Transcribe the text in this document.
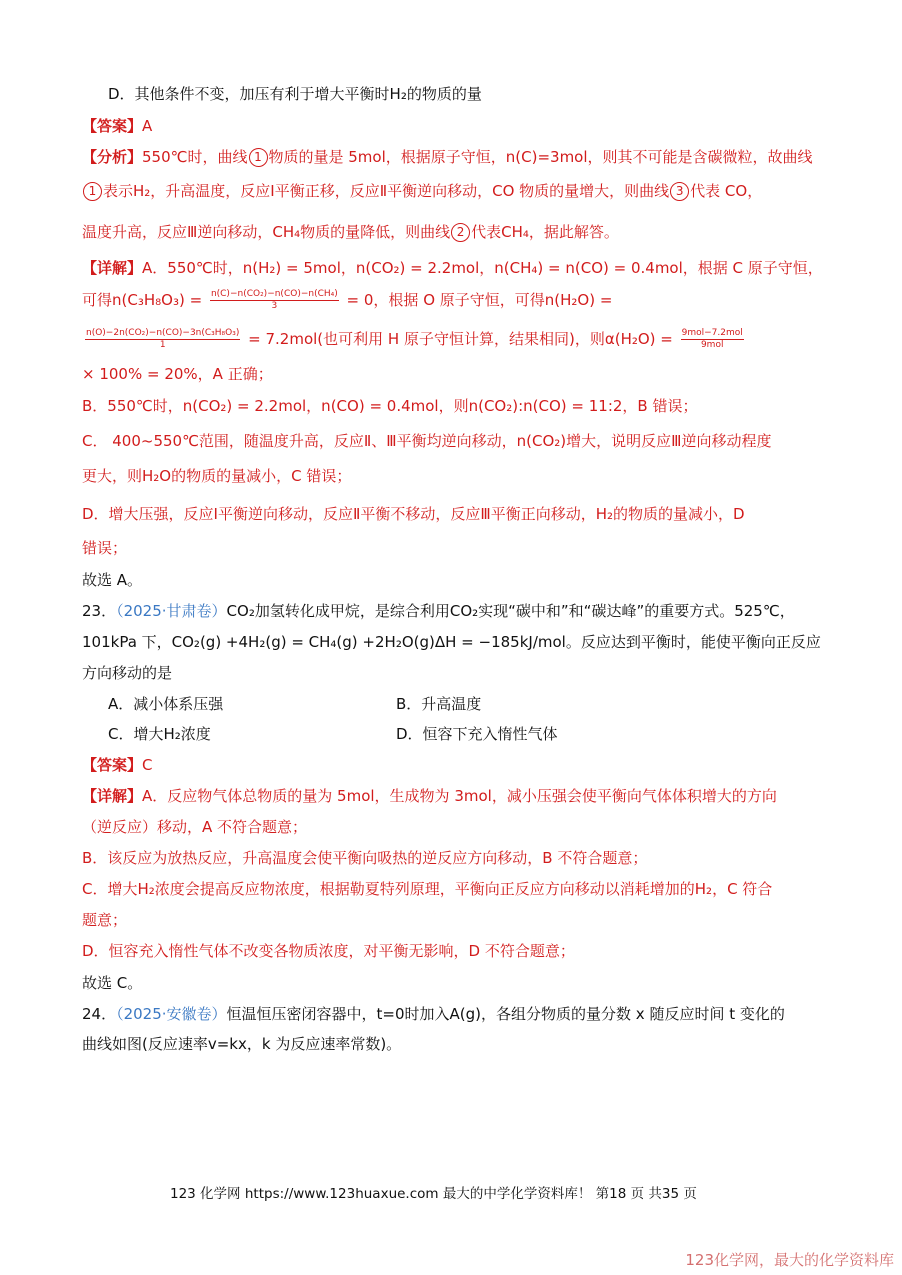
D．其他条件不变，加压有利于增大平衡时H₂的物质的量
【答案】A
【分析】550℃时，曲线 1 物质的量是 5mol，根据原子守恒，n(C)=3mol，则其不可能是含碳微粒，故曲线
1 表示H₂，升高温度，反应Ⅰ平衡正移，反应Ⅱ平衡逆向移动，CO 物质的量增大，则曲线 3 代表 CO，
温度升高，反应Ⅲ逆向移动，CH₄物质的量降低，则曲线 2 代表CH₄，据此解答。
【详解】A．550℃时，n(H₂) = 5mol，n(CO₂) = 2.2mol，n(CH₄) = n(CO) = 0.4mol，根据 C 原子守恒，
可得$n(C_3H_8O_3) = \frac{\text{n(C)−n(CO₂)−n(CO)−n(CH₄)}}{3} = 0$，根据 O 原子守恒，可得n(H₂O) =
$\frac{\text{n(O)−2n(CO₂)−n(CO)−3n(C₃H₈O₃)}}{1} = 7.2mol$(也可利用 H 原子守恒计算，结果相同)，则$\alpha(H_2O) = \frac{\text{9mol−7.2mol}}{\text{9mol}}$
× 100% = 20%，A 正确；
B．550℃时，n(CO₂) = 2.2mol，n(CO) = 0.4mol，则n(CO₂):n(CO) = 11:2，B 错误；
C． 400~550℃范围，随温度升高，反应Ⅱ、Ⅲ平衡均逆向移动，n(CO₂)增大，说明反应Ⅲ逆向移动程度
更大，则H₂O的物质的量减小，C 错误；
D．增大压强，反应Ⅰ平衡逆向移动，反应Ⅱ平衡不移动，反应Ⅲ平衡正向移动，H₂的物质的量减小，D
错误；
故选 A。
23．（2025·甘肃卷）CO₂加氢转化成甲烷，是综合利用CO₂实现“碳中和”和“碳达峰”的重要方式。525℃，
101kPa 下，CO₂(g) +4H₂(g) = CH₄(g) +2H₂O(g)ΔH = −185kJ/mol。反应达到平衡时，能使平衡向正反应
方向移动的是
A．减小体系压强	B．升高温度
C．增大H₂浓度	D．恒容下充入惰性气体
【答案】C
【详解】A．反应物气体总物质的量为 5mol，生成物为 3mol，减小压强会使平衡向气体体积增大的方向
（逆反应）移动，A 不符合题意；
B．该反应为放热反应，升高温度会使平衡向吸热的逆反应方向移动，B 不符合题意；
C．增大H₂浓度会提高反应物浓度，根据勒夏特列原理，平衡向正反应方向移动以消耗增加的H₂，C 符合
题意；
D．恒容充入惰性气体不改变各物质浓度，对平衡无影响，D 不符合题意；
故选 C。
24．（2025·安徽卷）恒温恒压密闭容器中，t=0时加入A(g)，各组分物质的量分数 x 随反应时间 t 变化的
曲线如图(反应速率v=kx，k 为反应速率常数)。
123 化学网 https://www.123huaxue.com 最大的中学化学资料库！ 第18 页 共35 页
123化学网，最大的化学资料库
